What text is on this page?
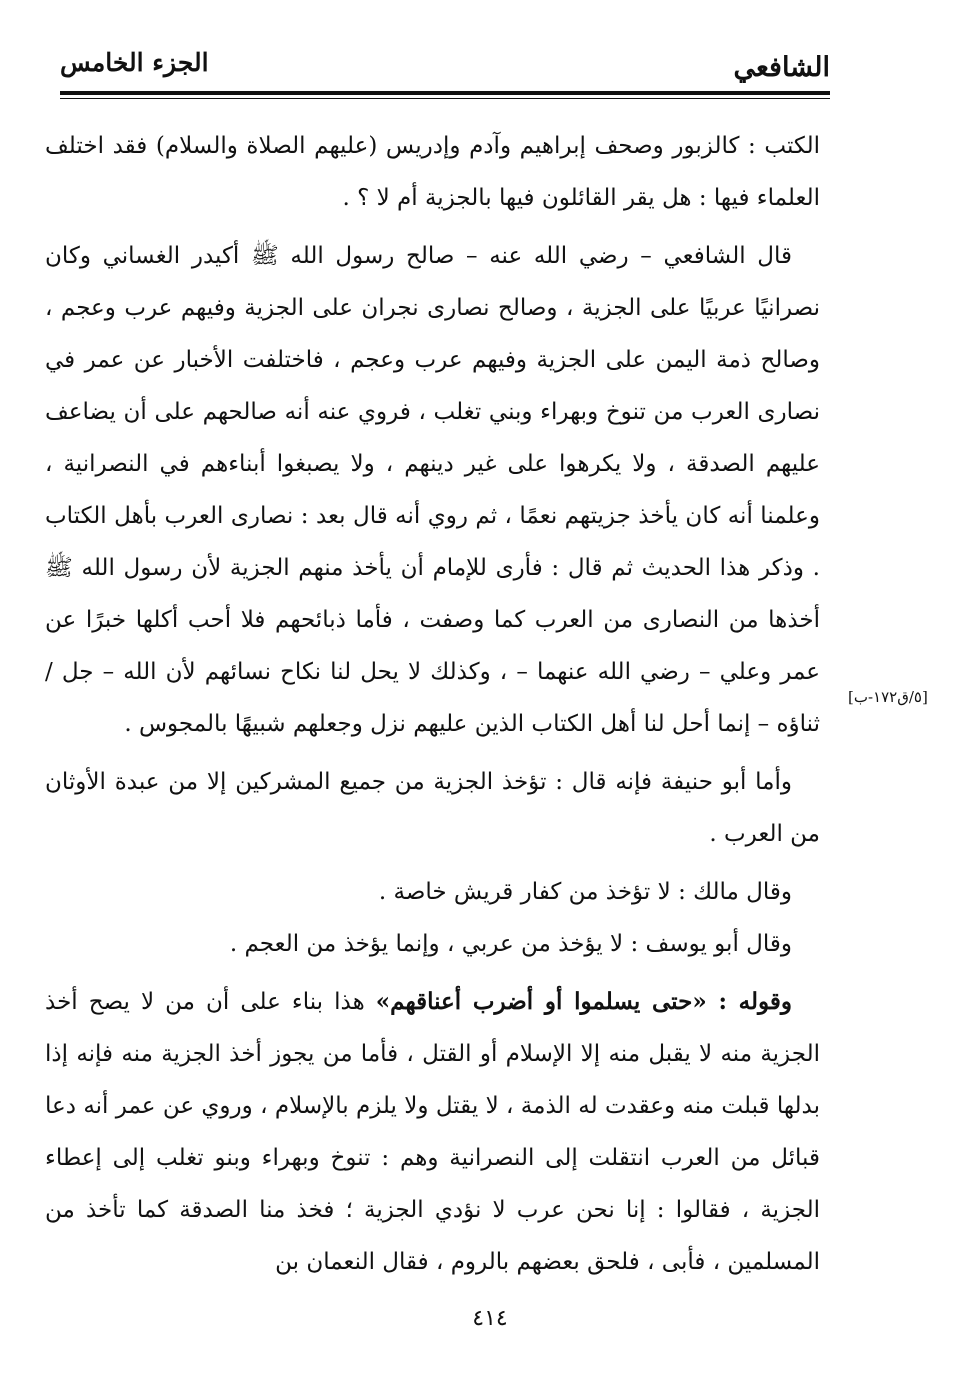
الشافعي
الجزء الخامس

الكتب : كالزبور وصحف إبراهيم وآدم وإدريس (عليهم الصلاة والسلام) فقد اختلف العلماء فيها : هل يقر القائلون فيها بالجزية أم لا ؟ .

قال الشافعي – رضي الله عنه – صالح رسول الله ﷺ أكيدر الغساني وكان نصرانيًا عربيًا على الجزية ، وصالح نصارى نجران على الجزية وفيهم عرب وعجم ، وصالح ذمة اليمن على الجزية وفيهم عرب وعجم ، فاختلفت الأخبار عن عمر في نصارى العرب من تنوخ وبهراء وبني تغلب ، فروي عنه أنه صالحهم على أن يضاعف عليهم الصدقة ، ولا يكرهوا على غير دينهم ، ولا يصبغوا أبناءهم في النصرانية ، وعلمنا أنه كان يأخذ جزيتهم نعمًا ، ثم روي أنه قال بعد : نصارى العرب بأهل الكتاب . وذكر هذا الحديث ثم قال : فأرى للإمام أن يأخذ منهم الجزية لأن رسول الله ﷺ أخذها من النصارى من العرب كما وصفت ، فأما ذبائحهم فلا أحب أكلها خبرًا عن عمر وعلي – رضي الله عنهما – ، وكذلك لا يحل لنا نكاح نسائهم لأن الله – جل / ثناؤه – إنما أحل لنا أهل الكتاب الذين عليهم نزل وجعلهم شبيهًا بالمجوس .

وأما أبو حنيفة فإنه قال : تؤخذ الجزية من جميع المشركين إلا من عبدة الأوثان من العرب .

وقال مالك : لا تؤخذ من كفار قريش خاصة .

وقال أبو يوسف : لا يؤخذ من عربي ، وإنما يؤخذ من العجم .

وقوله : «حتى يسلموا أو أضرب أعناقهم» هذا بناء على أن من لا يصح أخذ الجزية منه لا يقبل منه إلا الإسلام أو القتل ، فأما من يجوز أخذ الجزية منه فإنه إذا بدلها قبلت منه وعقدت له الذمة ، لا يقتل ولا يلزم بالإسلام ، وروي عن عمر أنه دعا قبائل من العرب انتقلت إلى النصرانية وهم : تنوخ وبهراء وبنو تغلب إلى إعطاء الجزية ، فقالوا : إنا نحن عرب لا نؤدي الجزية ؛ فخذ منا الصدقة كما تأخذ من المسلمين ، فأبى ، فلحق بعضهم بالروم ، فقال النعمان بن

[٥/ق١٧٢-ب]
٤١٤
